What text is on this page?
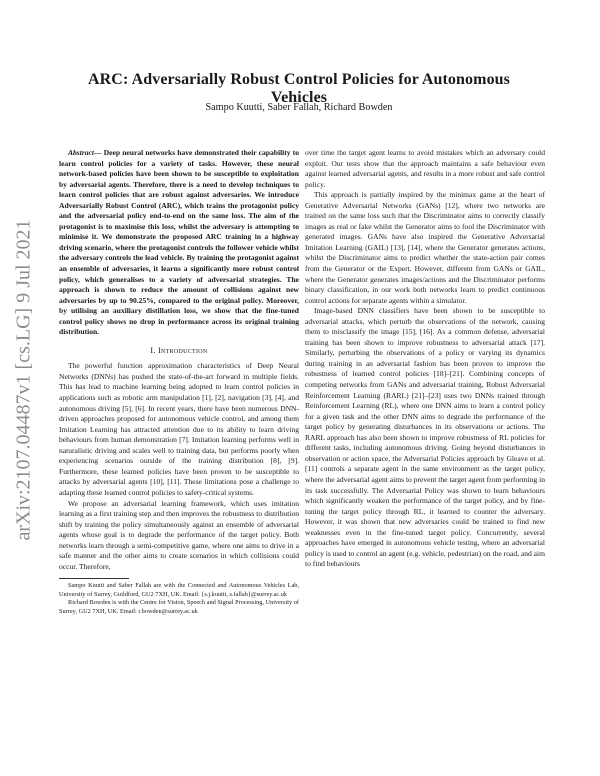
arXiv:2107.04487v1 [cs.LG] 9 Jul 2021
ARC: Adversarially Robust Control Policies for Autonomous Vehicles
Sampo Kuutti, Saber Fallah, Richard Bowden

Abstract— Deep neural networks have demonstrated their capability to learn control policies for a variety of tasks. However, these neural network-based policies have been shown to be susceptible to exploitation by adversarial agents. Therefore, there is a need to develop techniques to learn control policies that are robust against adversaries. We introduce Adversarially Robust Control (ARC), which trains the protagonist policy and the adversarial policy end-to-end on the same loss. The aim of the protagonist is to maximise this loss, whilst the adversary is attempting to minimise it. We demonstrate the proposed ARC training in a highway driving scenario, where the protagonist controls the follower vehicle whilst the adversary controls the lead vehicle. By training the protagonist against an ensemble of adversaries, it learns a significantly more robust control policy, which generalises to a variety of adversarial strategies. The approach is shown to reduce the amount of collisions against new adversaries by up to 90.25%, compared to the original policy. Moreover, by utilising an auxiliary distillation loss, we show that the fine-tuned control policy shows no drop in performance across its original training distribution.

I. Introduction

The powerful function approximation characteristics of Deep Neural Networks (DNNs) has pushed the state-of-the-art forward in multiple fields. This has lead to machine learning being adopted to learn control policies in applications such as robotic arm manipulation [1], [2], navigation [3], [4], and autonomous driving [5], [6]. In recent years, there have been numerous DNN-driven approaches proposed for autonomous vehicle control, and among them Imitation Learning has attracted attention due to its ability to learn driving behaviours from human demonstration [7]. Imitation learning performs well in naturalistic driving and scales well to training data, but performs poorly when experiencing scenarios outside of the training distribution [8], [9]. Furthermore, these learned policies have been proven to be susceptible to attacks by adversarial agents [10], [11]. These limitations pose a challenge to adapting these learned control policies to safety-critical systems.

We propose an adversarial learning framework, which uses imitation learning as a first training step and then improves the robustness to distribution shift by training the policy simultaneously against an ensemble of adversarial agents whose goal is to degrade the performance of the target policy. Both networks learn through a semi-competitive game, where one aims to drive in a safe manner and the other aims to create scenarios in which collisions could occur. Therefore,

Sampo Kuutti and Saber Fallah are with the Connected and Autonomous Vehicles Lab, University of Surrey, Guildford, GU2 7XH, UK. Email: {s.j.kuutti, s.fallah}@surrey.ac.uk

Richard Bowden is with the Centre for Vision, Speech and Signal Processing, University of Surrey, GU2 7XH, UK. Email: r.bowden@surrey.ac.uk

over time the target agent learns to avoid mistakes which an adversary could exploit. Our tests show that the approach maintains a safe behaviour even against learned adversarial agents, and results in a more robust and safe control policy.

This approach is partially inspired by the minimax game at the heart of Generative Adversarial Networks (GANs) [12], where two networks are trained on the same loss such that the Discriminator aims to correctly classify images as real or fake whilst the Generator aims to fool the Discriminator with generated images. GANs have also inspired the Generative Adversarial Imitation Learning (GAIL) [13], [14], where the Generator generates actions, whilst the Discriminator aims to predict whether the state-action pair comes from the Generator or the Expert. However, different from GANs or GAIL, where the Generator generates images/actions and the Discriminator performs binary classification, in our work both networks learn to predict continuous control actions for separate agents within a simulator.

Image-based DNN classifiers have been shown to be susceptible to adversarial attacks, which perturb the observations of the network, causing them to misclassify the image [15], [16]. As a common defense, adversarial training has been shown to improve robustness to adversarial attack [17]. Similarly, perturbing the observations of a policy or varying its dynamics during training in an adversarial fashion has been proven to improve the robustness of learned control policies [18]–[21]. Combining concepts of competing networks from GANs and adversarial training, Robust Adversarial Reinforcement Learning (RARL) [21]–[23] uses two DNNs trained through Reinforcement Learning (RL), where one DNN aims to learn a control policy for a given task and the other DNN aims to degrade the performance of the target policy by generating disturbances in its observations or actions. The RARL approach has also been shown to improve robustness of RL policies for different tasks, including autonomous driving. Going beyond disturbances in observation or action space, the Adversarial Policies approach by Gleave et al. [11] controls a separate agent in the same environment as the target policy, where the adversarial agent aims to prevent the target agent from performing in its task successfully. The Adversarial Policy was shown to learn behaviours which significantly weaken the performance of the target policy, and by fine-tuning the target policy through RL, it learned to counter the adversary. However, it was shown that new adversaries could be trained to find new weaknesses even in the fine-tuned target policy. Concurrently, several approaches have emerged in autonomous vehicle testing, where an adversarial policy is used to control an agent (e.g. vehicle, pedestrian) on the road, and aim to find behaviours
